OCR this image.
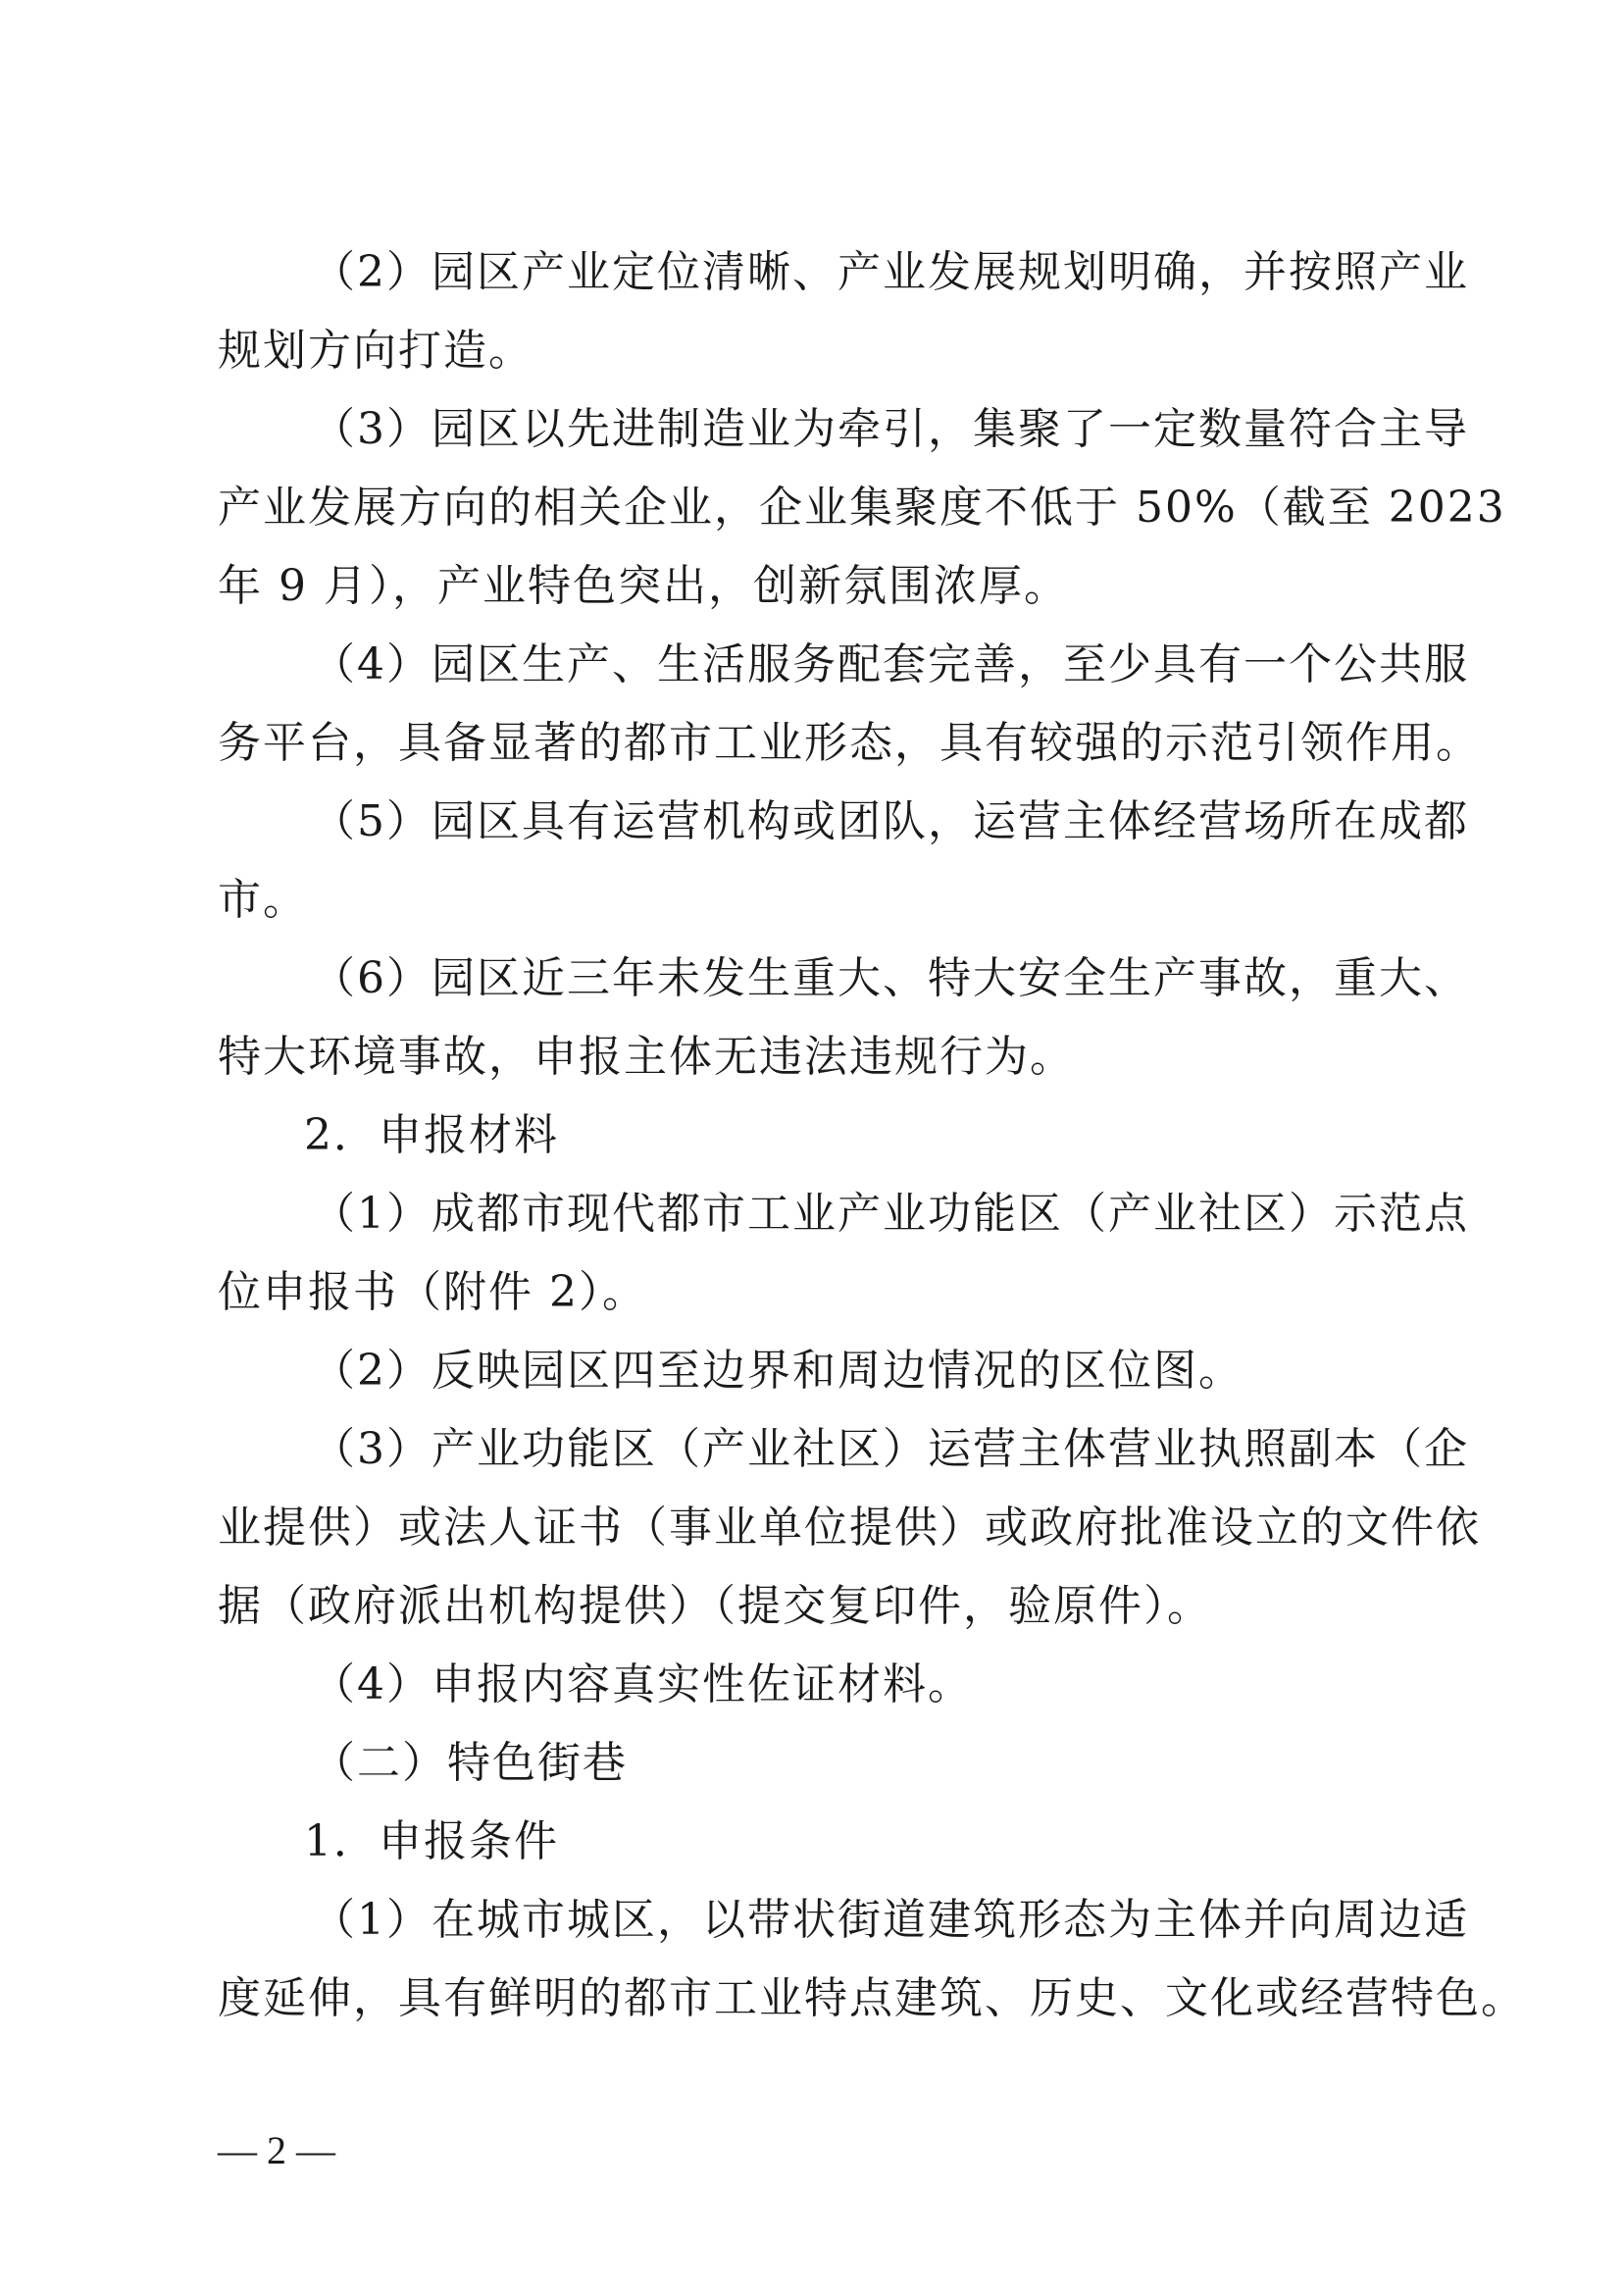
（2）园区产业定位清晰、产业发展规划明确，并按照产业

规划方向打造。

（3）园区以先进制造业为牵引，集聚了一定数量符合主导

产业发展方向的相关企业，企业集聚度不低于 50%（截至 2023

年 9 月），产业特色突出，创新氛围浓厚。

（4）园区生产、生活服务配套完善，至少具有一个公共服

务平台，具备显著的都市工业形态，具有较强的示范引领作用。

（5）园区具有运营机构或团队，运营主体经营场所在成都

市。

（6）园区近三年未发生重大、特大安全生产事故，重大、

特大环境事故，申报主体无违法违规行为。

2．申报材料

（1）成都市现代都市工业产业功能区（产业社区）示范点

位申报书（附件 2）。

（2）反映园区四至边界和周边情况的区位图。

（3）产业功能区（产业社区）运营主体营业执照副本（企

业提供）或法人证书（事业单位提供）或政府批准设立的文件依

据（政府派出机构提供）（提交复印件，验原件）。

（4）申报内容真实性佐证材料。

（二）特色街巷

1．申报条件

（1）在城市城区，以带状街道建筑形态为主体并向周边适

度延伸，具有鲜明的都市工业特点建筑、历史、文化或经营特色。

— 2 —
